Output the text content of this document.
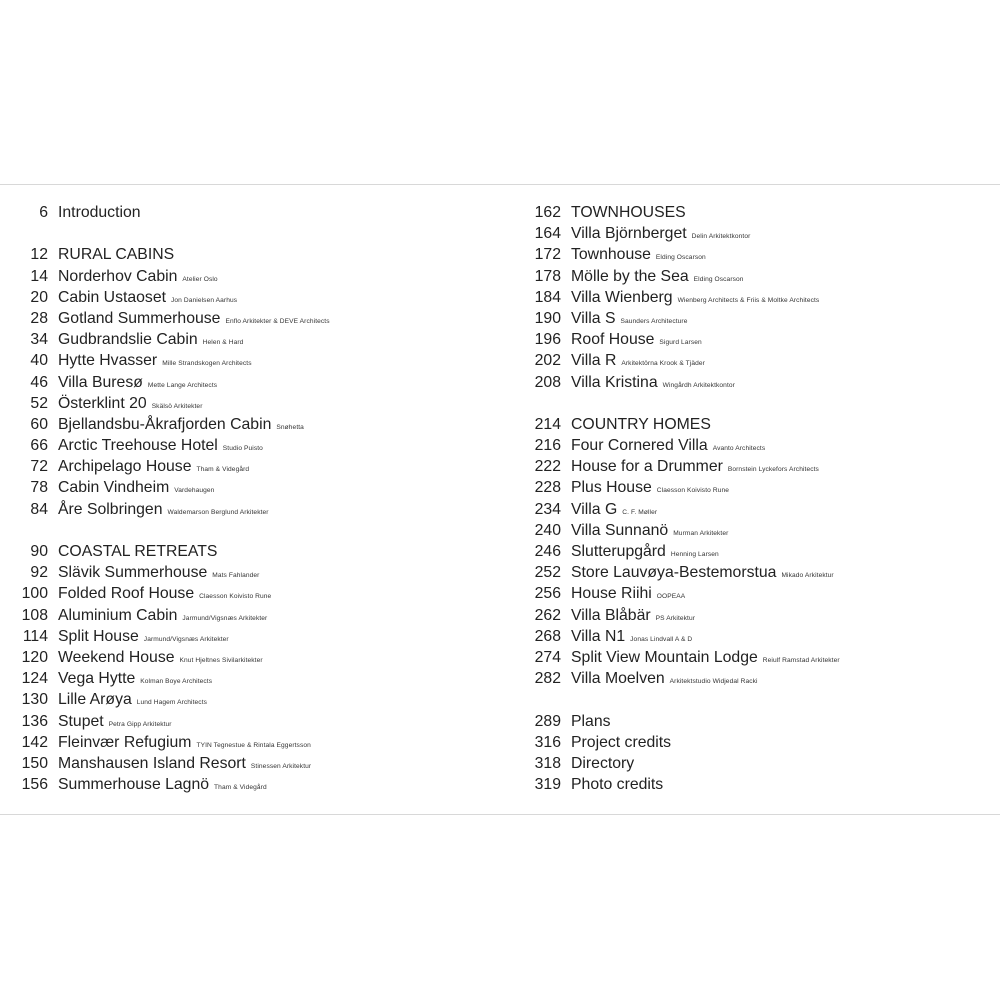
6 Introduction
12 RURAL CABINS
14 Norderhov Cabin Atelier Oslo
20 Cabin Ustaoset Jon Danielsen Aarhus
28 Gotland Summerhouse Enflo Arkitekter & DEVE Architects
34 Gudbrandslie Cabin Helen & Hard
40 Hytte Hvasser Mille Strandskogen Architects
46 Villa Buresø Mette Lange Architects
52 Österklint 20 Skälsö Arkitekter
60 Bjellandsbu-Åkrafjorden Cabin Snøhetta
66 Arctic Treehouse Hotel Studio Puisto
72 Archipelago House Tham & Videgård
78 Cabin Vindheim Vardehaugen
84 Åre Solbringen Waldemarson Berglund Arkitekter
90 COASTAL RETREATS
92 Slävik Summerhouse Mats Fahlander
100 Folded Roof House Claesson Koivisto Rune
108 Aluminium Cabin Jarmund/Vigsnæs Arkitekter
114 Split House Jarmund/Vigsnæs Arkitekter
120 Weekend House Knut Hjeltnes Sivilarkitekter
124 Vega Hytte Kolman Boye Architects
130 Lille Arøya Lund Hagem Architects
136 Stupet Petra Gipp Arkitektur
142 Fleinvær Refugium TYIN Tegnestue & Rintala Eggertsson
150 Manshausen Island Resort Stinessen Arkitektur
156 Summerhouse Lagnö Tham & Videgård
162 TOWNHOUSES
164 Villa Björnberget Delin Arkitektkontor
172 Townhouse Elding Oscarson
178 Mölle by the Sea Elding Oscarson
184 Villa Wienberg Wienberg Architects & Friis & Moltke Architects
190 Villa S Saunders Architecture
196 Roof House Sigurd Larsen
202 Villa R Arkitektörna Krook & Tjäder
208 Villa Kristina Wingårdh Arkitektkontor
214 COUNTRY HOMES
216 Four Cornered Villa Avanto Architects
222 House for a Drummer Bornstein Lyckefors Architects
228 Plus House Claesson Koivisto Rune
234 Villa G C. F. Møller
240 Villa Sunnanö Murman Arkitekter
246 Slutterupgård Henning Larsen
252 Store Lauvøya-Bestemorstua Mikado Arkitektur
256 House Riihi OOPEAA
262 Villa Blåbär PS Arkitektur
268 Villa N1 Jonas Lindvall A & D
274 Split View Mountain Lodge Reiulf Ramstad Arkitekter
282 Villa Moelven Arkitektstudio Widjedal Racki
289 Plans
316 Project credits
318 Directory
319 Photo credits
